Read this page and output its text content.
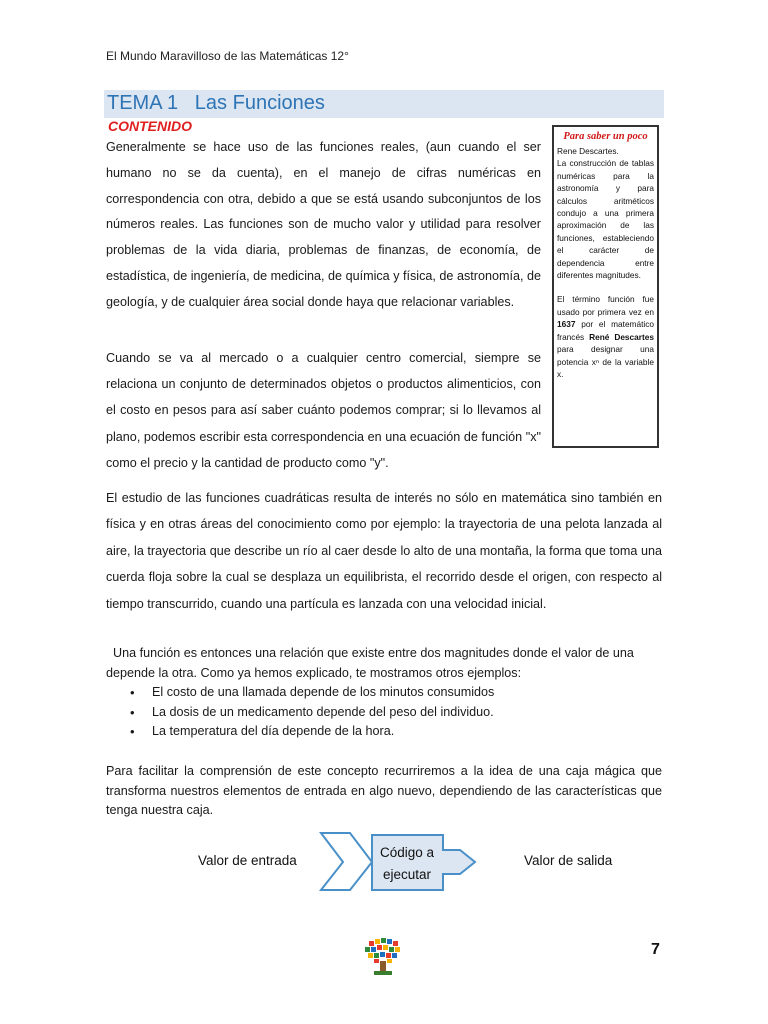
El Mundo Maravilloso de las Matemáticas 12°
TEMA 1   Las Funciones
CONTENIDO
Generalmente se hace uso de las funciones reales, (aun cuando el ser humano no se da cuenta), en el manejo de cifras numéricas en correspondencia con otra, debido a que se está usando subconjuntos de los números reales. Las funciones son de mucho valor y utilidad para resolver problemas de la vida diaria, problemas de finanzas, de economía, de estadística, de ingeniería, de medicina, de química y física, de astronomía, de geología, y de cualquier área social donde haya que relacionar variables.
Cuando se va al mercado o a cualquier centro comercial, siempre se relaciona un conjunto de determinados objetos o productos alimenticios, con el costo en pesos para así saber cuánto podemos comprar; si lo llevamos al plano, podemos escribir esta correspondencia en una ecuación de función "x" como el precio y la cantidad de producto como "y".
El estudio de las funciones cuadráticas resulta de interés no sólo en matemática sino también en física y en otras áreas del conocimiento como por ejemplo: la trayectoria de una pelota lanzada al aire, la trayectoria que describe un río al caer desde lo alto de una montaña, la forma que toma una cuerda floja sobre la cual se desplaza un equilibrista, el recorrido desde el origen, con respecto al tiempo transcurrido, cuando una partícula es lanzada con una velocidad inicial.
Una función es entonces una relación que existe entre dos magnitudes donde el valor de una depende la otra. Como ya hemos explicado, te mostramos otros ejemplos:
• El costo de una llamada depende de los minutos consumidos
• La dosis de un medicamento depende del peso del individuo.
• La temperatura del día depende de la hora.
Para facilitar la comprensión de este concepto recurriremos a la idea de una caja mágica que transforma nuestros elementos de entrada en algo nuevo, dependiendo de las características que tenga nuestra caja.
Para saber un poco
Rene Descartes.
La construcción de tablas numéricas para la astronomía y para cálculos aritméticos condujo a una primera aproximación de las funciones, estableciendo el carácter de dependencia entre diferentes magnitudes.
El término función fue usado por primera vez en 1637 por el matemático francés René Descartes para designar una potencia xⁿ de la variable x.
Valor de entrada
Código a
ejecutar
Valor de salida
7
